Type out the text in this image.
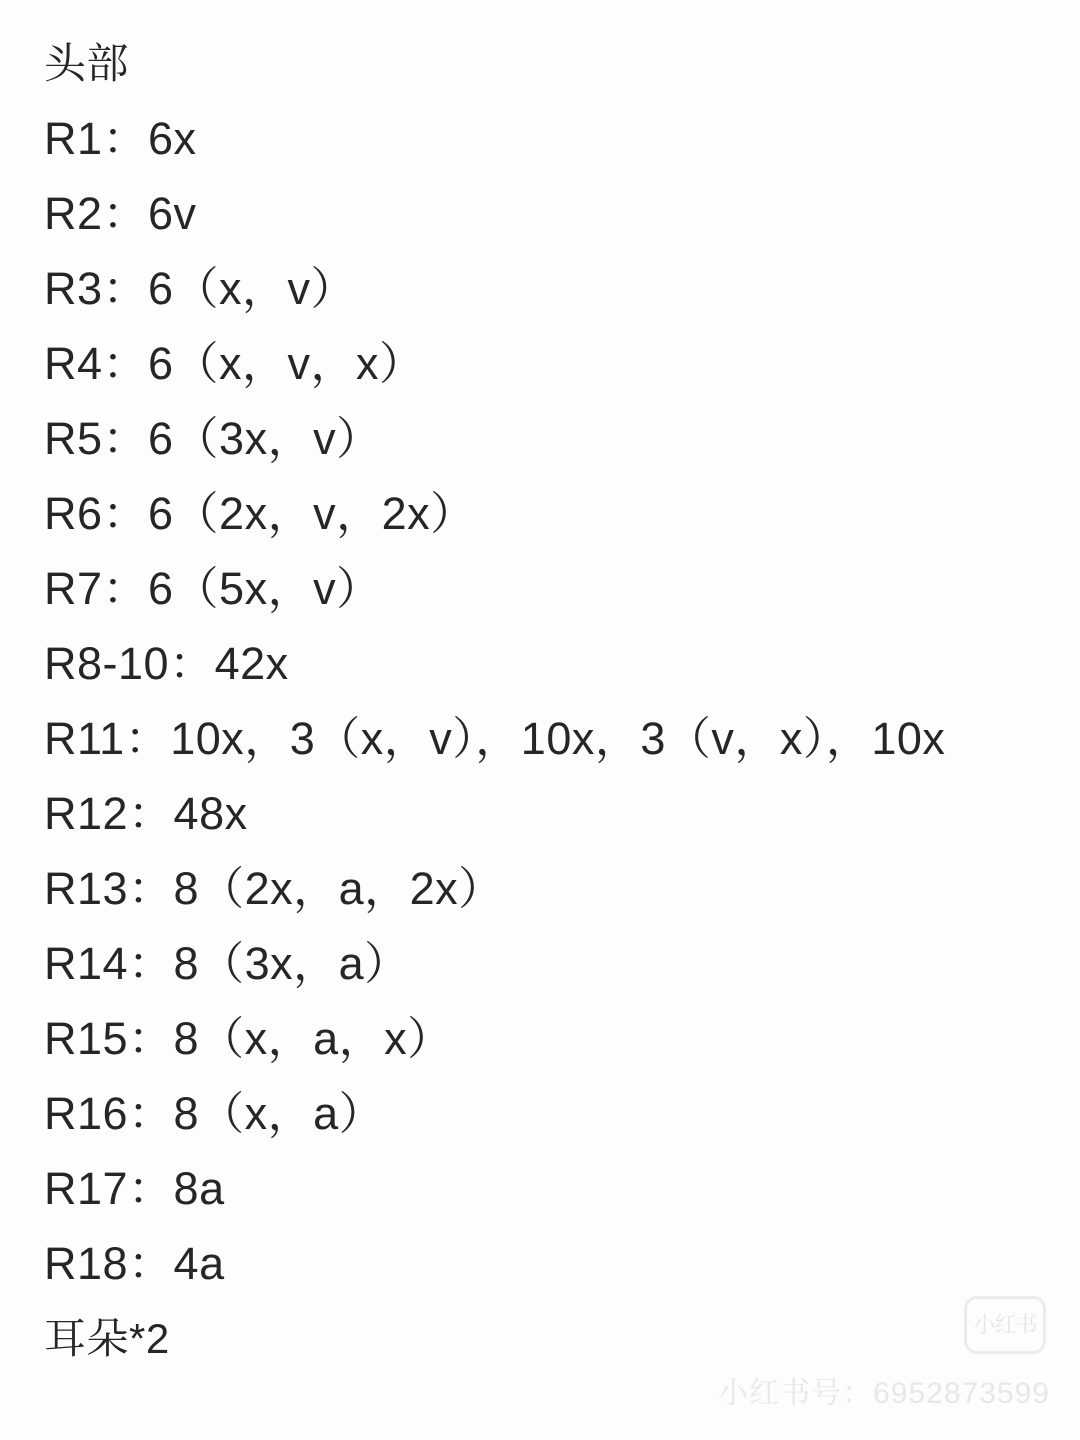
头部
R1：6x
R2：6v
R3：6（x，v）
R4：6（x，v，x）
R5：6（3x，v）
R6：6（2x，v，2x）
R7：6（5x，v）
R8-10：42x
R11：10x，3（x，v），10x，3（v，x），10x
R12：48x
R13：8（2x，a，2x）
R14：8（3x，a）
R15：8（x，a，x）
R16：8（x，a）
R17：8a
R18：4a
耳朵*2	小红书
小红书号：6952873599
